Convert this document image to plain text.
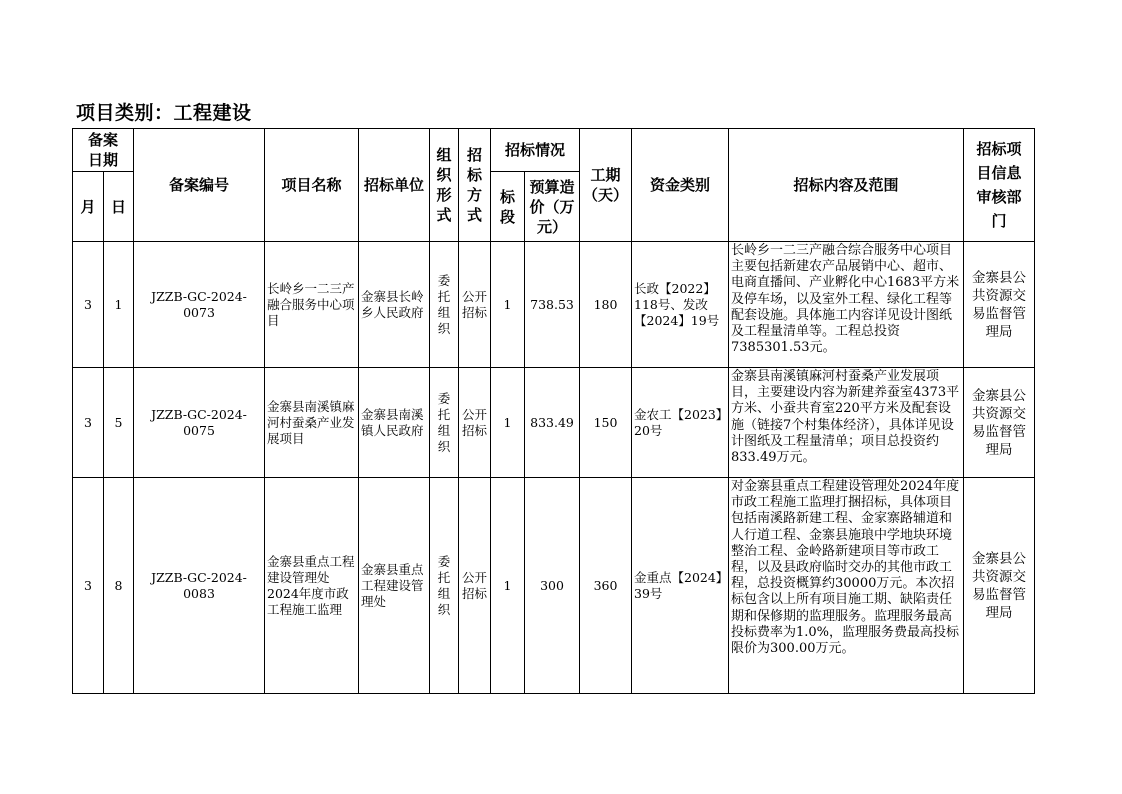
项目类别：工程建设
备案日期		备案编号	项目名称	招标单位	组织形式	招标方式	招标情况		工期（天）	资金类别	招标内容及范围	招标项目信息审核部门
月	日						标段	预算造价（万元）				

3	1	JZZB-GC-2024-0073	长岭乡一二三产融合服务中心项目	金寨县长岭乡人民政府	委托组织	公开招标	1	738.53	180	长政【2022】118号、发改【2024】19号	长岭乡一二三产融合综合服务中心项目主要包括新建农产品展销中心、超市、电商直播间、产业孵化中心1683平方米及停车场，以及室外工程、绿化工程等配套设施。具体施工内容详见设计图纸及工程量清单等。工程总投资7385301.53元。	金寨县公共资源交易监督管理局
3	5	JZZB-GC-2024-0075	金寨县南溪镇麻河村蚕桑产业发展项目	金寨县南溪镇人民政府	委托组织	公开招标	1	833.49	150	金农工【2023】20号	金寨县南溪镇麻河村蚕桑产业发展项目，主要建设内容为新建养蚕室4373平方米、小蚕共育室220平方米及配套设施（链接7个村集体经济），具体详见设计图纸及工程量清单；项目总投资约833.49万元。	金寨县公共资源交易监督管理局
3	8	JZZB-GC-2024-0083	金寨县重点工程建设管理处2024年度市政工程施工监理	金寨县重点工程建设管理处	委托组织	公开招标	1	300	360	金重点【2024】39号	对金寨县重点工程建设管理处2024年度市政工程施工监理打捆招标，具体项目包括南溪路新建工程、金家寨路辅道和人行道工程、金寨县施琅中学地块环境整治工程、金岭路新建项目等市政工程，以及县政府临时交办的其他市政工程，总投资概算约30000万元。本次招标包含以上所有项目施工期、缺陷责任期和保修期的监理服务。监理服务最高投标费率为1.0%，监理服务费最高投标限价为300.00万元。	金寨县公共资源交易监督管理局
